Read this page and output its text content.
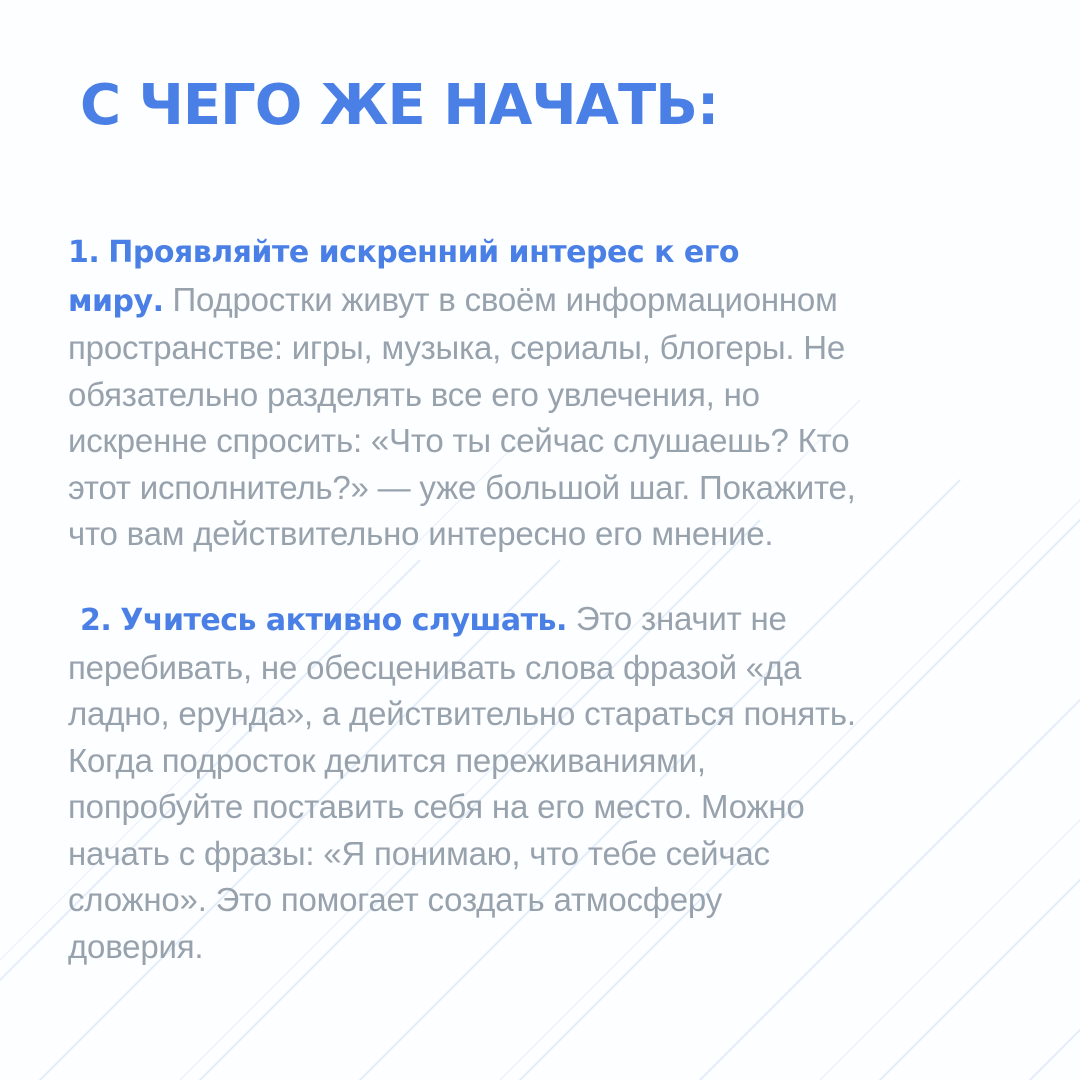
С ЧЕГО ЖЕ НАЧАТЬ:

1. Проявляйте искренний интерес к его
миру. Подростки живут в своём информационном
пространстве: игры, музыка, сериалы, блогеры. Не
обязательно разделять все его увлечения, но
искренне спросить: «Что ты сейчас слушаешь? Кто
этот исполнитель?» — уже большой шаг. Покажите,
что вам действительно интересно его мнение.

2. Учитесь активно слушать. Это значит не
перебивать, не обесценивать слова фразой «да
ладно, ерунда», а действительно стараться понять.
Когда подросток делится переживаниями,
попробуйте поставить себя на его место. Можно
начать с фразы: «Я понимаю, что тебе сейчас
сложно». Это помогает создать атмосферу
доверия.
